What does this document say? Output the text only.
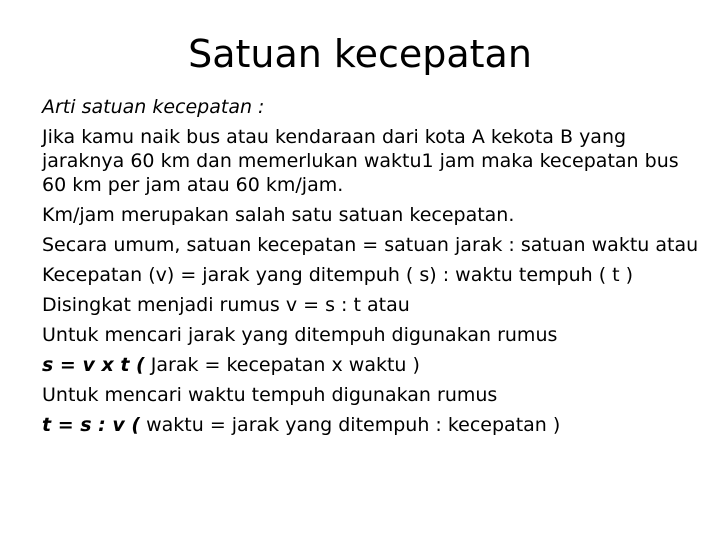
Satuan kecepatan

Arti satuan kecepatan :

Jika kamu naik bus atau kendaraan dari kota A kekota B yang jaraknya 60 km dan memerlukan waktu1 jam maka kecepatan bus 60 km per jam atau 60 km/jam.

Km/jam merupakan salah satu satuan kecepatan.

Secara umum, satuan kecepatan = satuan jarak : satuan waktu atau

Kecepatan (v) = jarak yang ditempuh ( s) : waktu tempuh ( t )

Disingkat menjadi rumus v = s : t atau

Untuk mencari jarak yang ditempuh digunakan rumus

s = v x t ( Jarak = kecepatan x waktu )

Untuk mencari waktu tempuh digunakan rumus

t = s : v ( waktu = jarak yang ditempuh : kecepatan )
